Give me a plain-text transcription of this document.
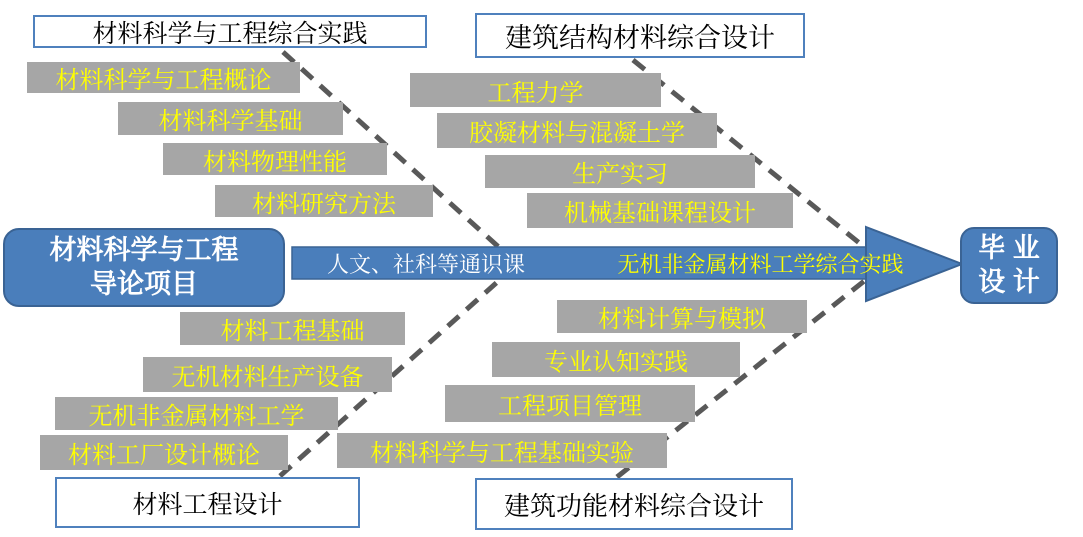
材料科学与工程综合实践	建筑结构材料综合设计
材料工程设计	建筑功能材料综合设计
材料科学与工程
导论项目
毕 业
设 计
人文、社科等通识课	无机非金属材料工学综合实践
材料科学与工程概论
材料科学基础
材料物理性能
材料研究方法
工程力学
胶凝材料与混凝土学
生产实习
机械基础课程设计
材料工程基础
无机材料生产设备
无机非金属材料工学
材料工厂设计概论
材料计算与模拟
专业认知实践
工程项目管理
材料科学与工程基础实验
